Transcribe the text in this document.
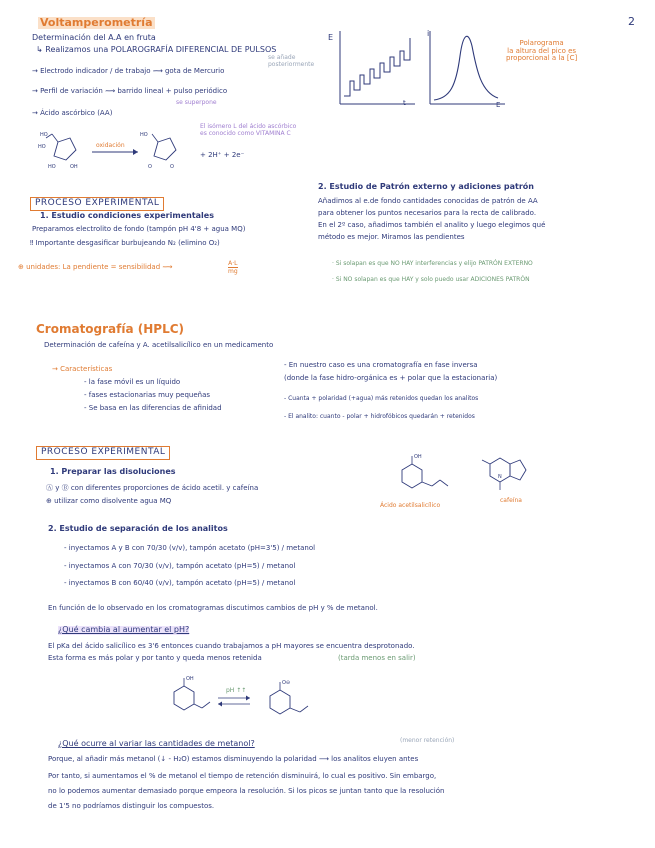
2
Voltamperometría
Determinación del A.A en fruta
↳ Realizamos una POLAROGRAFÍA DIFERENCIAL DE PULSOS
se añade posteriormente
→ Electrodo indicador / de trabajo ⟿ gota de Mercurio
→ Perfil de variación ⟿ barrido lineal + pulso periódico
se superpone
→ Ácido ascórbico (AA)
E
t
i
E
Polarograma
la altura del pico es
proporcional a la [C]
HO
HO
HO	OH
HO
O	O
oxidación
+ 2H⁺ + 2e⁻
El isómero L del ácido ascórbico
es conocido como VITAMINA C
PROCESO EXPERIMENTAL
1. Estudio condiciones experimentales
Preparamos electrolito de fondo (tampón pH 4'8 + agua MQ)
‼ Importante desgasificar burbujeando N₂ (elimino O₂)
⊕ unidades: La pendiente = sensibilidad ⟿	$\frac{A\cdot L}{mg}$
2. Estudio de Patrón externo y adiciones patrón
Añadimos al e.de fondo cantidades conocidas de patrón de AA
para obtener los puntos necesarios para la recta de calibrado.
En el 2º caso, añadimos también el analito y luego elegimos qué
método es mejor. Miramos las pendientes
· Si solapan es que NO HAY interferencias y elijo PATRÓN EXTERNO
· Si NO solapan es que HAY y solo puedo usar ADICIONES PATRÓN
Cromatografía (HPLC)
Determinación de cafeína y A. acetilsalicílico en un medicamento
→ Características
- la fase móvil es un líquido
- fases estacionarias muy pequeñas
- Se basa en las diferencias de afinidad
- En nuestro caso es una cromatografía en fase inversa
(donde la fase hidro-orgánica es + polar que la estacionaria)
- Cuanta + polaridad (+agua) más retenidos quedan los analitos
- El analito: cuanto - polar + hidrofóbicos quedarán + retenidos
PROCESO EXPERIMENTAL
1. Preparar las disoluciones
Ⓐ y Ⓑ con diferentes proporciones de ácido acetil. y cafeína
⊕ utilizar como disolvente agua MQ
OH
Ácido acetilsalicílico
N
cafeína
2. Estudio de separación de los analitos
- inyectamos A y B con 70/30 (v/v), tampón acetato (pH=3'5) / metanol
- inyectamos A con 70/30 (v/v), tampón acetato (pH=5) / metanol
- inyectamos B con 60/40 (v/v), tampón acetato (pH=5) / metanol
En función de lo observado en los cromatogramas discutimos cambios de pH y % de metanol.
¿Qué cambia al aumentar el pH?
El pKa del ácido salicílico es 3'6 entonces cuando trabajamos a pH mayores se encuentra desprotonado.
Esta forma es más polar y por tanto y queda menos retenida	(tarda menos en salir)
OH
O⊖
pH ↑↑
(menor retención)
¿Qué ocurre al variar las cantidades de metanol?
Porque, al añadir más metanol (↓ - H₂O) estamos disminuyendo la polaridad ⟶ los analitos eluyen antes
Por tanto, si aumentamos el % de metanol el tiempo de retención disminuirá, lo cual es positivo. Sin embargo,
no lo podemos aumentar demasiado porque empeora la resolución. Si los picos se juntan tanto que la resolución
de 1'5 no podríamos distinguir los compuestos.
